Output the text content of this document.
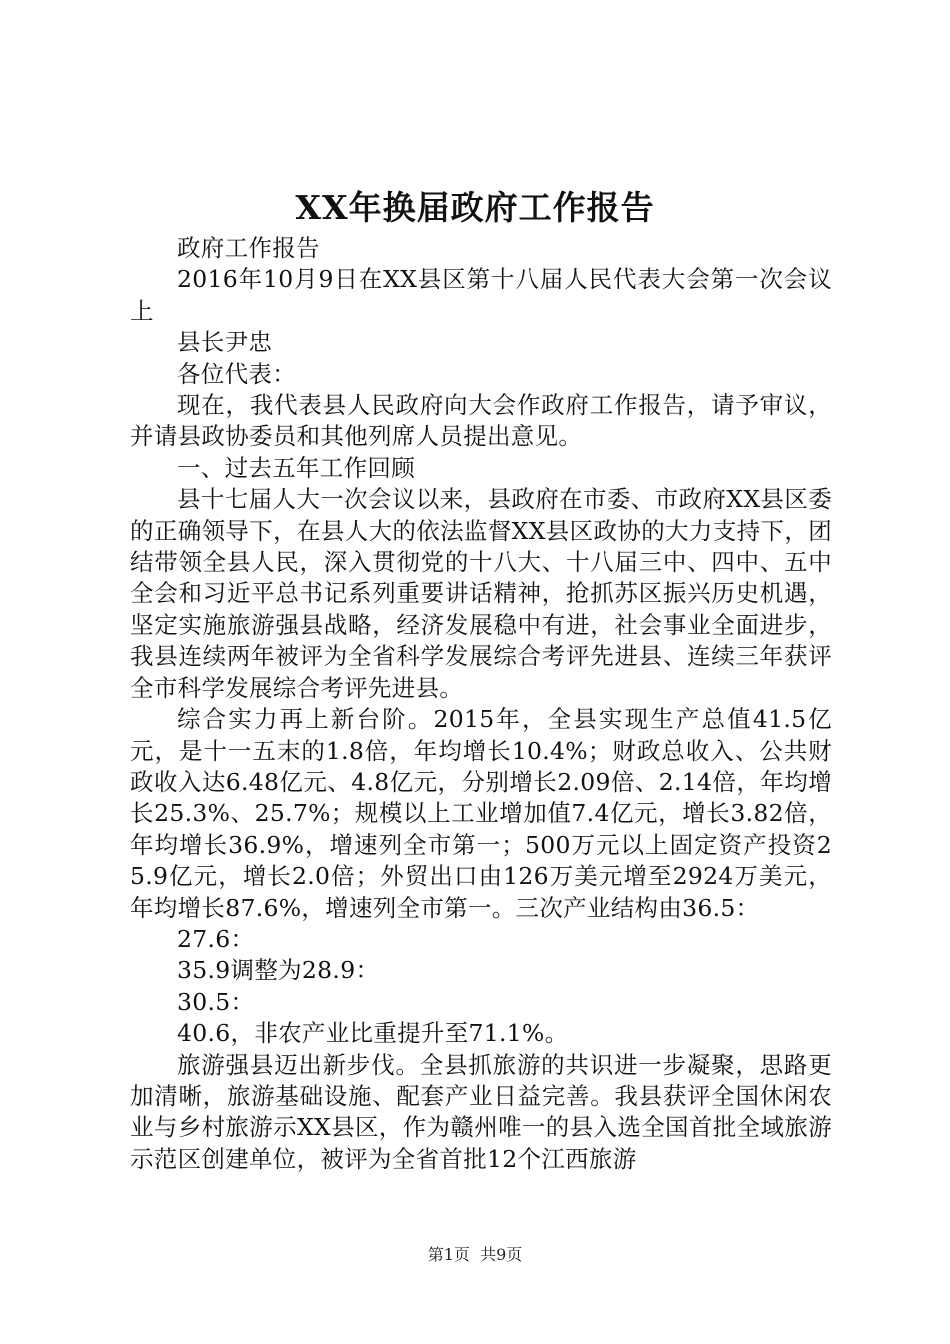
XX年换届政府工作报告

政府工作报告

2016年10月9日在XX县区第十八届人民代表大会第一次会议上

县长尹忠

各位代表：

现在，我代表县人民政府向大会作政府工作报告，请予审议，并请县政协委员和其他列席人员提出意见。

一、过去五年工作回顾

县十七届人大一次会议以来，县政府在市委、市政府XX县区委的正确领导下，在县人大的依法监督XX县区政协的大力支持下，团结带领全县人民，深入贯彻党的十八大、十八届三中、四中、五中全会和习近平总书记系列重要讲话精神，抢抓苏区振兴历史机遇，坚定实施旅游强县战略，经济发展稳中有进，社会事业全面进步，我县连续两年被评为全省科学发展综合考评先进县、连续三年获评全市科学发展综合考评先进县。

综合实力再上新台阶。2015年，全县实现生产总值41.5亿元，是十一五末的1.8倍，年均增长10.4%；财政总收入、公共财政收入达6.48亿元、4.8亿元，分别增长2.09倍、2.14倍，年均增长25.3%、25.7%；规模以上工业增加值7.4亿元，增长3.82倍，年均增长36.9%，增速列全市第一；500万元以上固定资产投资25.9亿元，增长2.0倍；外贸出口由126万美元增至2924万美元，年均增长87.6%，增速列全市第一。三次产业结构由36.5：

27.6：

35.9调整为28.9：

30.5：

40.6，非农产业比重提升至71.1%。

旅游强县迈出新步伐。全县抓旅游的共识进一步凝聚，思路更加清晰，旅游基础设施、配套产业日益完善。我县获评全国休闲农业与乡村旅游示XX县区，作为赣州唯一的县入选全国首批全域旅游示范区创建单位，被评为全省首批12个江西旅游

第1页 共9页
